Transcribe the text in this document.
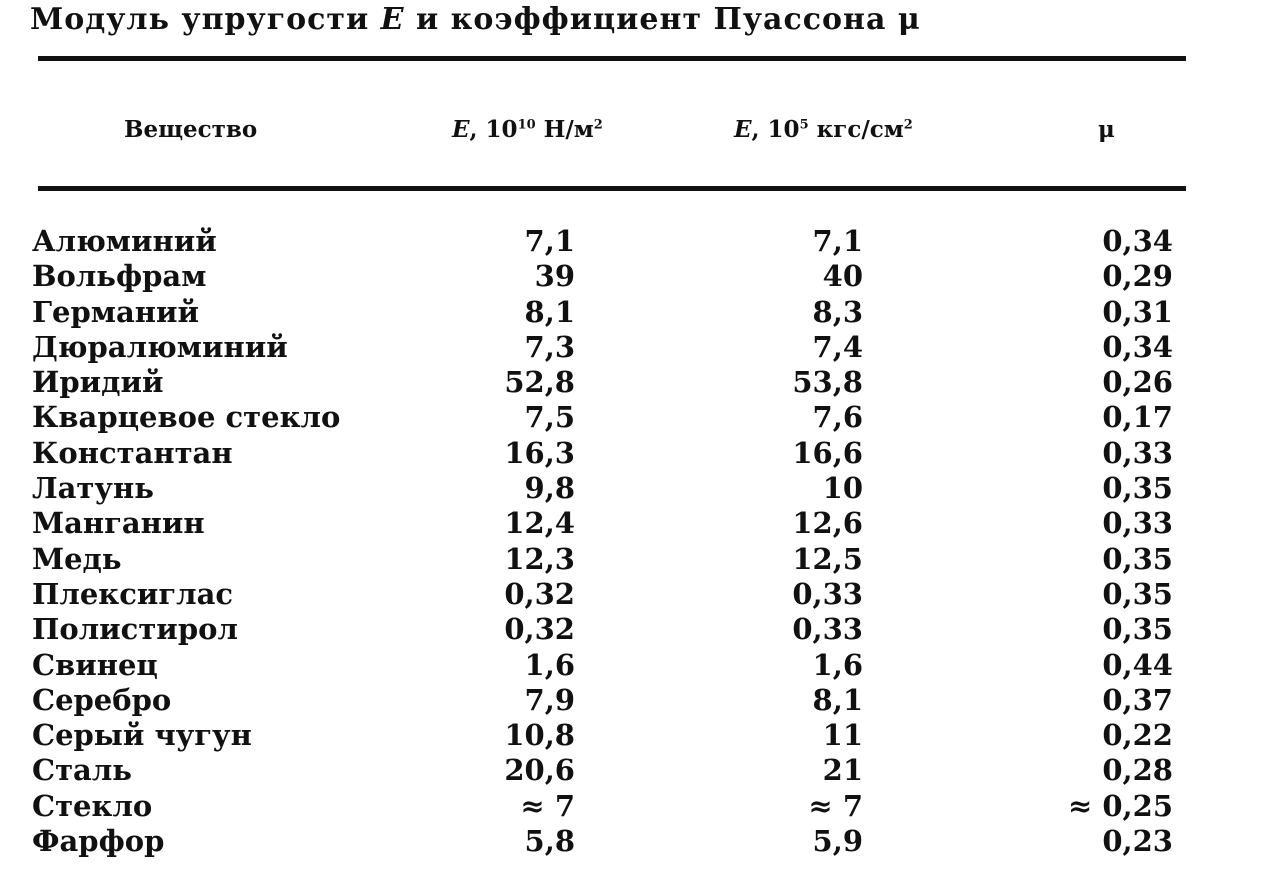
Модуль упругости E и коэффициент Пуассона μ
Вещество	E, $10^{10}$ $Н/м^2$	E, $10^5$ кгс/$см^2$	μ
Алюминий	7,1	7,1	0,34
Вольфрам	39	40	0,29
Германий	8,1	8,3	0,31
Дюралюминий	7,3	7,4	0,34
Иридий	52,8	53,8	0,26
Кварцевое стекло	7,5	7,6	0,17
Константан	16,3	16,6	0,33
Латунь	9,8	10	0,35
Манганин	12,4	12,6	0,33
Медь	12,3	12,5	0,35
Плексиглас	0,32	0,33	0,35
Полистирол	0,32	0,33	0,35
Свинец	1,6	1,6	0,44
Серебро	7,9	8,1	0,37
Серый чугун	10,8	11	0,22
Сталь	20,6	21	0,28
Стекло	≈ 7	≈ 7	≈ 0,25
Фарфор	5,8	5,9	0,23
